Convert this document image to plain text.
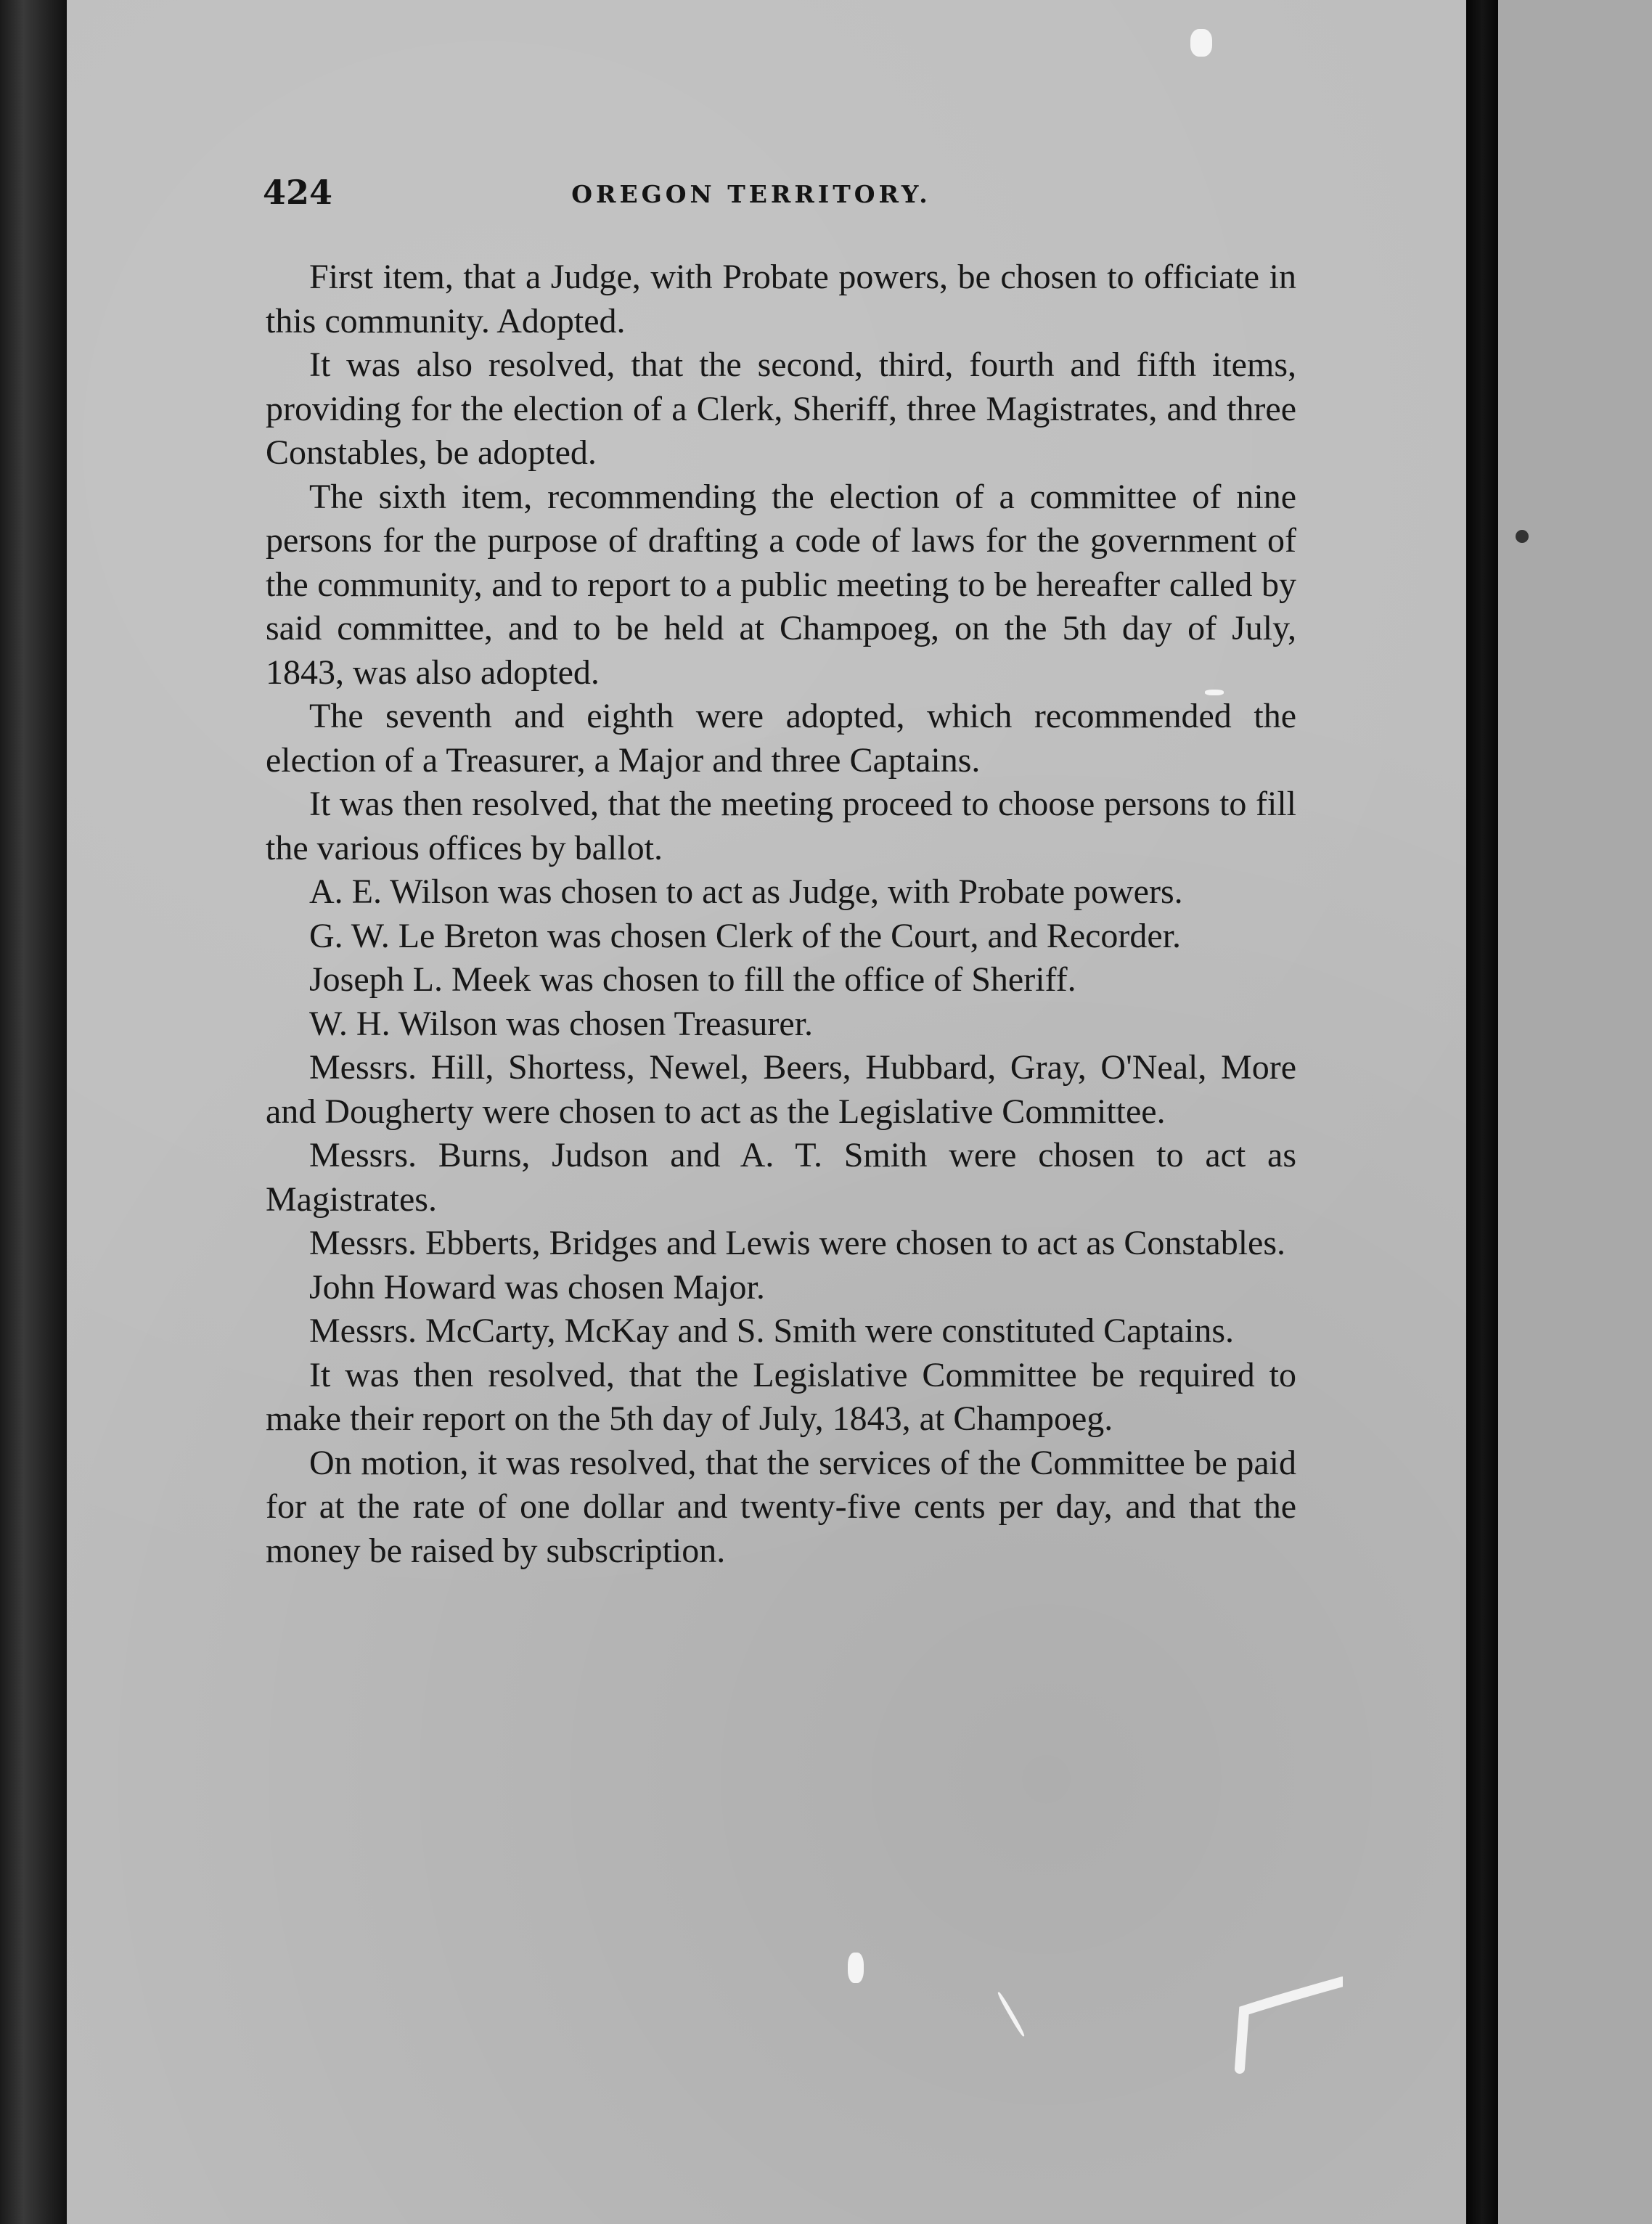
424	OREGON TERRITORY.

First item, that a Judge, with Probate powers, be chosen to officiate in this community. Adopted.

It was also resolved, that the second, third, fourth and fifth items, providing for the election of a Clerk, Sheriff, three Magistrates, and three Constables, be adopted.

The sixth item, recommending the election of a committee of nine persons for the purpose of drafting a code of laws for the government of the community, and to report to a public meeting to be hereafter called by said committee, and to be held at Champoeg, on the 5th day of July, 1843, was also adopted.

The seventh and eighth were adopted, which recommended the election of a Treasurer, a Major and three Captains.

It was then resolved, that the meeting proceed to choose persons to fill the various offices by ballot.

A. E. Wilson was chosen to act as Judge, with Probate powers.

G. W. Le Breton was chosen Clerk of the Court, and Recorder.

Joseph L. Meek was chosen to fill the office of Sheriff.

W. H. Wilson was chosen Treasurer.

Messrs. Hill, Shortess, Newel, Beers, Hubbard, Gray, O'Neal, More and Dougherty were chosen to act as the Legislative Committee.

Messrs. Burns, Judson and A. T. Smith were chosen to act as Magistrates.

Messrs. Ebberts, Bridges and Lewis were chosen to act as Constables.

John Howard was chosen Major.

Messrs. McCarty, McKay and S. Smith were constituted Captains.

It was then resolved, that the Legislative Committee be required to make their report on the 5th day of July, 1843, at Champoeg.

On motion, it was resolved, that the services of the Committee be paid for at the rate of one dollar and twenty-five cents per day, and that the money be raised by subscription.
